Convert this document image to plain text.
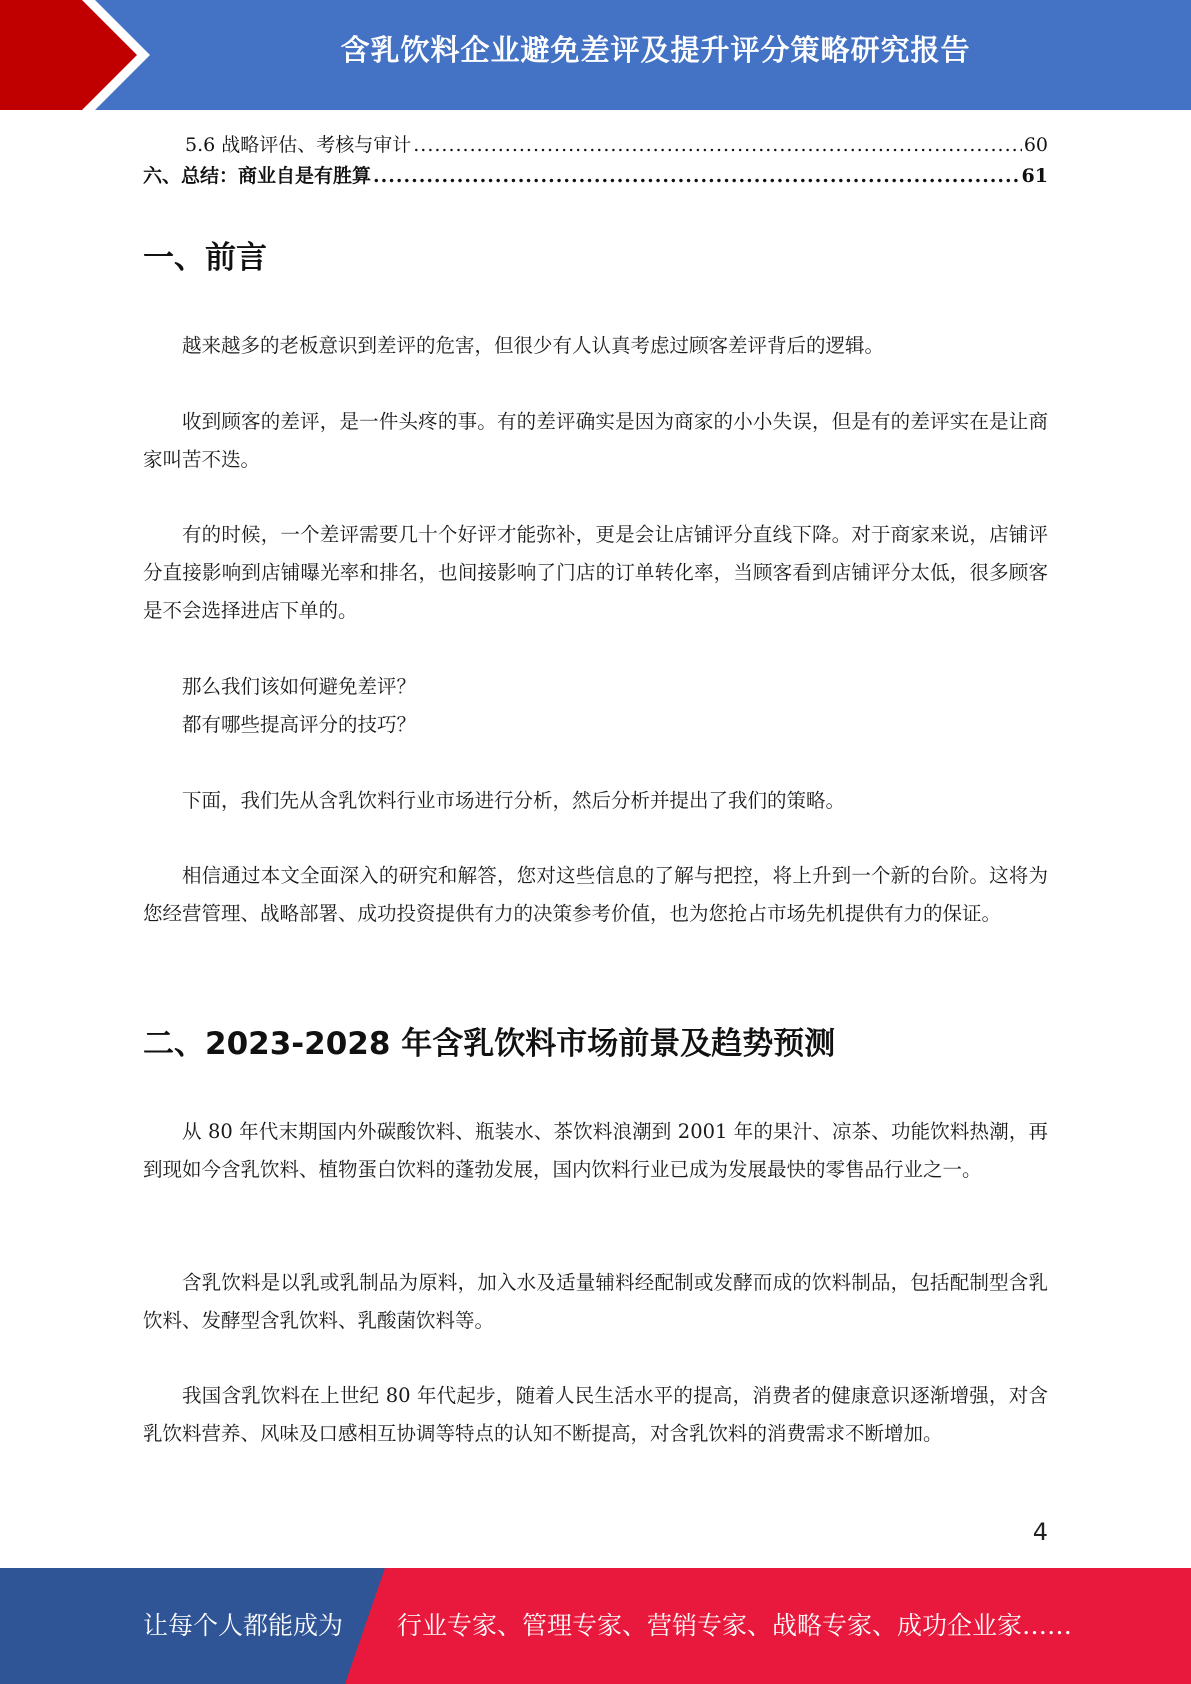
含乳饮料企业避免差评及提升评分策略研究报告
5.6 战略评估、考核与审计 .....	60
六、总结：商业自是有胜算 .....	61
一、前言

越来越多的老板意识到差评的危害，但很少有人认真考虑过顾客差评背后的逻辑。

收到顾客的差评，是一件头疼的事。有的差评确实是因为商家的小小失误，但是有的差评实在是让商家叫苦不迭。

有的时候，一个差评需要几十个好评才能弥补，更是会让店铺评分直线下降。对于商家来说，店铺评分直接影响到店铺曝光率和排名，也间接影响了门店的订单转化率，当顾客看到店铺评分太低，很多顾客是不会选择进店下单的。

那么我们该如何避免差评？

都有哪些提高评分的技巧？

下面，我们先从含乳饮料行业市场进行分析，然后分析并提出了我们的策略。

相信通过本文全面深入的研究和解答，您对这些信息的了解与把控，将上升到一个新的台阶。这将为您经营管理、战略部署、成功投资提供有力的决策参考价值，也为您抢占市场先机提供有力的保证。

二、2023-2028 年含乳饮料市场前景及趋势预测

从 80 年代末期国内外碳酸饮料、瓶装水、茶饮料浪潮到 2001 年的果汁、凉茶、功能饮料热潮，再到现如今含乳饮料、植物蛋白饮料的蓬勃发展，国内饮料行业已成为发展最快的零售品行业之一。

含乳饮料是以乳或乳制品为原料，加入水及适量辅料经配制或发酵而成的饮料制品，包括配制型含乳饮料、发酵型含乳饮料、乳酸菌饮料等。

我国含乳饮料在上世纪 80 年代起步，随着人民生活水平的提高，消费者的健康意识逐渐增强，对含乳饮料营养、风味及口感相互协调等特点的认知不断提高，对含乳饮料的消费需求不断增加。

4
让每个人都能成为 行业专家、管理专家、营销专家、战略专家、成功企业家……
